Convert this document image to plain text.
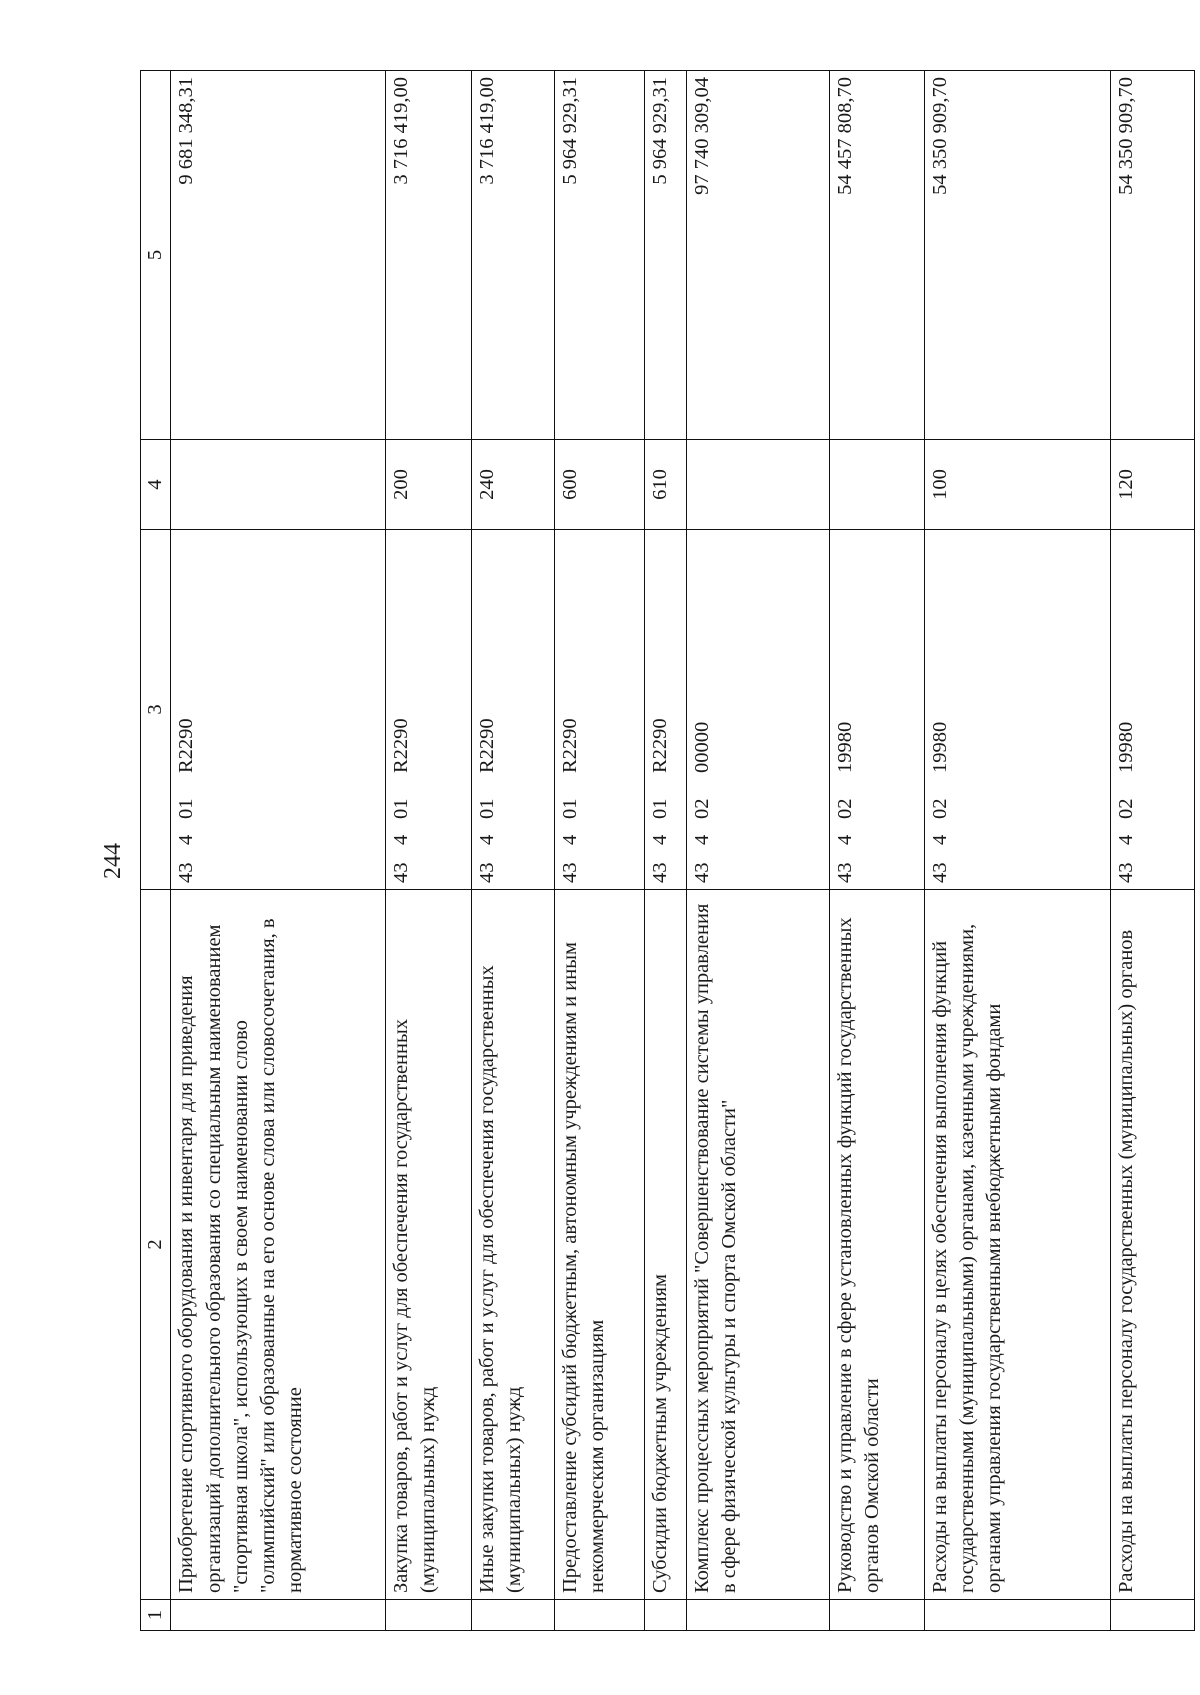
244
1	2	3	4	5
	Приобретение спортивного оборудования и инвентаря для приведения организаций дополнительного образования со специальным наименованием "спортивная школа", использующих в своем наименовании слово "олимпийский" или образованные на его основе слова или словосочетания, в нормативное состояние	43401R2290		9 681 348,31
	Закупка товаров, работ и услуг для обеспечения государственных (муниципальных) нужд	43401R2290	200	3 716 419,00
	Иные закупки товаров, работ и услуг для обеспечения государственных (муниципальных) нужд	43401R2290	240	3 716 419,00
	Предоставление субсидий бюджетным, автономным учреждениям и иным некоммерческим организациям	43401R2290	600	5 964 929,31
	Субсидии бюджетным учреждениям	43401R2290	610	5 964 929,31
	Комплекс процессных мероприятий "Совершенствование системы управления в сфере физической культуры и спорта Омской области"	4340200000		97 740 309,04
	Руководство и управление в сфере установленных функций государственных органов Омской области	4340219980		54 457 808,70
	Расходы на выплаты персоналу в целях обеспечения выполнения функций государственными (муниципальными) органами, казенными учреждениями, органами управления государственными внебюджетными фондами	4340219980	100	54 350 909,70
	Расходы на выплаты персоналу государственных (муниципальных) органов	4340219980	120	54 350 909,70
